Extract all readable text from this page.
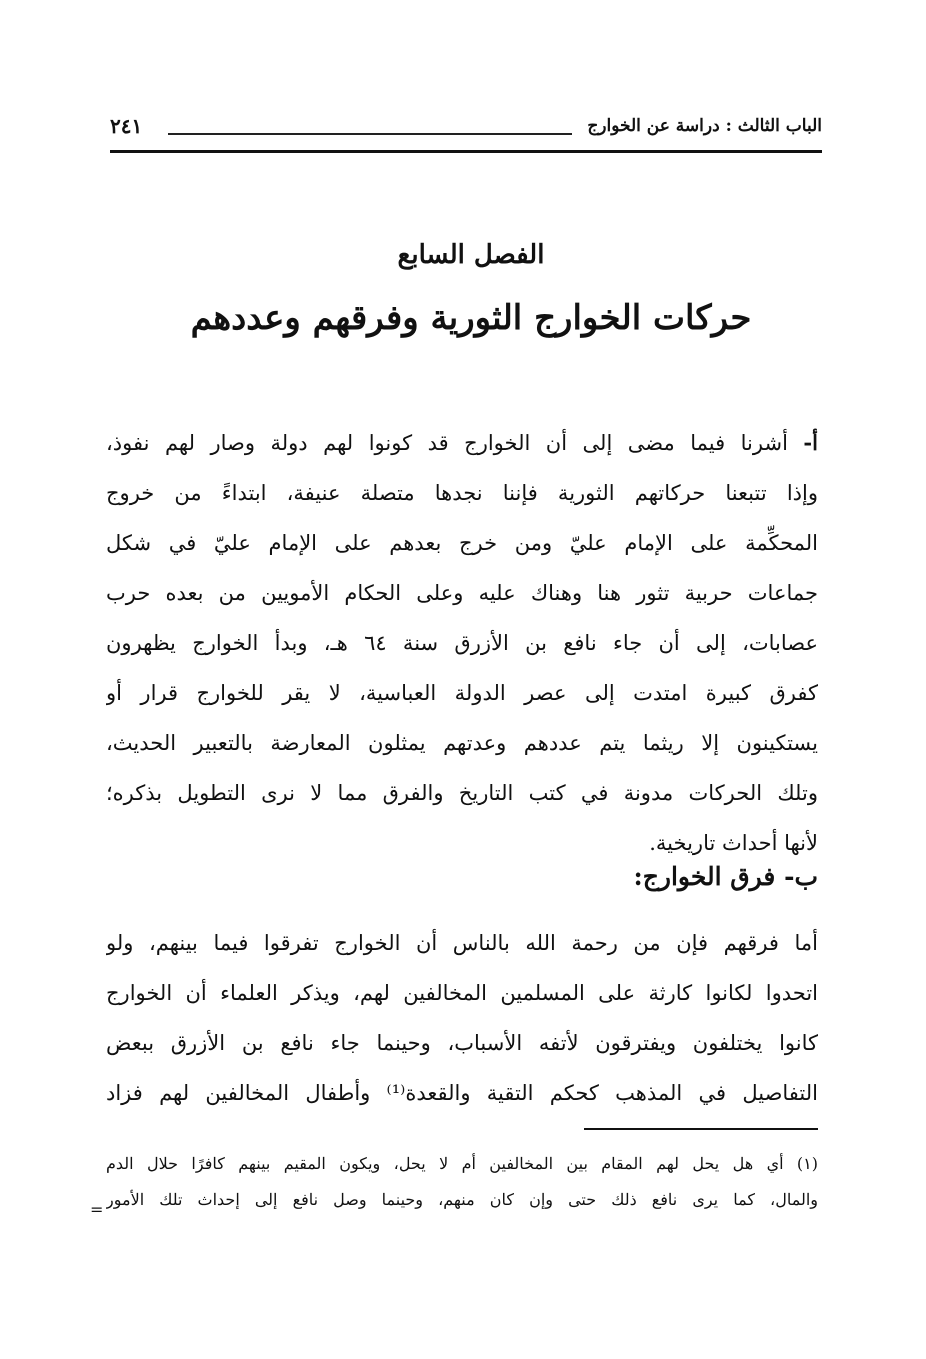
الباب الثالث : دراسة عن الخوارج
٢٤١
الفصل السابع
حركات الخوارج الثورية وفرقهم وعددهم
أ- أشرنا فيما مضى إلى أن الخوارج قد كونوا لهم دولة وصار لهم نفوذ،
وإذا تتبعنا حركاتهم الثورية فإننا نجدها متصلة عنيفة، ابتداءً من خروج
المحكِّمة على الإمام عليّ ومن خرج بعدهم على الإمام عليّ في شكل
جماعات حربية تثور هنا وهناك عليه وعلى الحكام الأمويين من بعده حرب
عصابات، إلى أن جاء نافع بن الأزرق سنة ٦٤ هـ، وبدأ الخوارج يظهرون
كفرق كبيرة امتدت إلى عصر الدولة العباسية، لا يقر للخوارج قرار أو
يستكينون إلا ريثما يتم عددهم وعدتهم يمثلون المعارضة بالتعبير الحديث،
وتلك الحركات مدونة في كتب التاريخ والفرق مما لا نرى التطويل بذكره؛
لأنها أحداث تاريخية.
ب- فرق الخوارج:
أما فرقهم فإن من رحمة الله بالناس أن الخوارج تفرقوا فيما بينهم، ولو
اتحدوا لكانوا كارثة على المسلمين المخالفين لهم، ويذكر العلماء أن الخوارج
كانوا يختلفون ويفترقون لأتفه الأسباب، وحينما جاء نافع بن الأزرق ببعض
التفاصيل في المذهب كحكم التقية والقعدة⁽¹⁾ وأطفال المخالفين لهم فزاد
(١) أي هل يحل لهم المقام بين المخالفين أم لا يحل، ويكون المقيم بينهم كافرًا حلال الدم
والمال، كما يرى نافع ذلك حتى وإن كان منهم، وحينما وصل نافع إلى إحداث تلك الأمور
=
